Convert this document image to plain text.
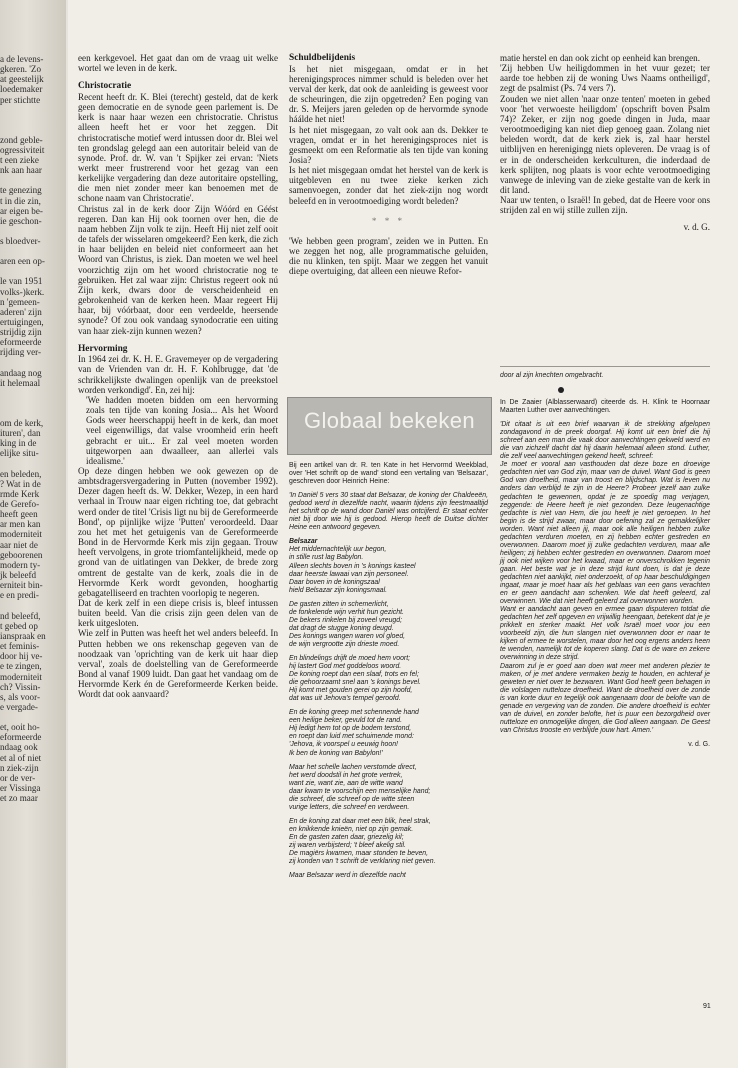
a de levens-

gkeren. 'Zo

at geestelijk

loedemaker

per stichtte

zond geble-

ogressiviteit

t een zieke

nk aan haar

te genezing

t in die zin,

ar eigen be-

ie geschon-

s bloedver-

aren een op-

le van 1951

volks-)kerk.

n 'gemeen-

aderen' zijn

ertuigingen,

strijdig zijn

eformeerde

rijding ver-

andaag nog

it helemaal

om de kerk,

ituren', dan

king in de

elijke situ-

en beleden,

? Wat in de

rmde Kerk

de Gerefo-

heeft geen

ar men kan

moderniteit

aar niet de

geboorenen

modern ty-

jk beleefd

erniteit bin-

e en predi-

nd beleefd,

t gebed op

ianspraak en

et feminis-

door hij ve-

e te zingen,

moderniteit

ch? Vissin-

s, als voor-

e vergade-

et, ooit ho-

eformeerde

ndaag ook

et al of niet

n ziek-zijn

or de ver-

er Vissinga

et zo maar

een kerkgevoel. Het gaat dan om de vraag uit welke wortel we leven in de kerk.

Christocratie

Recent heeft dr. K. Blei (terecht) gesteld, dat de kerk geen democratie en de synode geen parlement is. De kerk is naar haar wezen een christocratie. Christus alleen heeft het er voor het zeggen. Dit christocratische motief werd intussen door dr. Blei wel ten grondslag gelegd aan een autoritair beleid van de synode. Prof. dr. W. van 't Spijker zei ervan: 'Niets werkt meer frustrerend voor het gezag van een kerkelijke vergadering dan deze autoritaire opstelling, die men niet zonder meer kan benoemen met de schone naam van Christocratie'.

Christus zal in de kerk door Zijn Wóórd en Géést regeren. Dan kan Hij ook toornen over hen, die de naam hebben Zijn volk te zijn. Heeft Hij niet zelf ooit de tafels der wisselaren omgekeerd? Een kerk, die zich in haar belijden en beleid niet conformeert aan het Woord van Christus, is ziek. Dan moeten we wel heel voorzichtig zijn om het woord christocratie nog te gebruiken. Het zal waar zijn: Christus regeert ook nú Zijn kerk, dwars door de verscheidenheid en gebrokenheid van de kerken heen. Maar regeert Hij haar, bij vóórbaat, door een verdeelde, heersende synode? Of zou ook vandaag synodocratie een uiting van haar ziek-zijn kunnen wezen?

Hervorming

In 1964 zei dr. K. H. E. Gravemeyer op de vergadering van de Vrienden van dr. H. F. Kohlbrugge, dat 'de schrikkelijkste dwalingen openlijk van de preekstoel worden verkondigd'. En, zei hij:

'We hadden moeten bidden om een hervorming zoals ten tijde van koning Josia... Als het Woord Gods weer heerschappij heeft in de kerk, dan moet veel eigenwilligs, dat valse vroomheid erin heeft gebracht er uit... Er zal veel moeten worden uitgeworpen aan dwaalleer, aan allerlei vals idealisme.'

Op deze dingen hebben we ook gewezen op de ambtsdragersvergadering in Putten (november 1992). Dezer dagen heeft ds. W. Dekker, Wezep, in een hard verhaal in Trouw naar eigen richting toe, dat gebracht werd onder de titel 'Crisis ligt nu bij de Gereformeerde Bond', op pijnlijke wijze 'Putten' veroordeeld. Daar zou het met het getuigenis van de Gereformeerde Bond in de Hervormde Kerk mis zijn gegaan. Trouw heeft vervolgens, in grote triomfantelijkheid, mede op grond van de uitlatingen van Dekker, de brede zorg omtrent de gestalte van de kerk, zoals die in de Hervormde Kerk wordt gevonden, hooghartig gebagatelliseerd en trachten voorlopig te negeren.

Dat de kerk zelf in een diepe crisis is, bleef intussen buiten beeld. Van die crisis zijn geen delen van de kerk uitgesloten.

Wie zelf in Putten was heeft het wel anders beleefd. In Putten hebben we ons rekenschap gegeven van de noodzaak van 'oprichting van de kerk uit haar diep verval', zoals de doelstelling van de Gereformeerde Bond al vanaf 1909 luidt. Dan gaat het vandaag om de Hervormde Kerk én de Gereformeerde Kerken beide. Wordt dat ook aanvaard?

Schuldbelijdenis

Is het niet misgegaan, omdat er in het herenigingsproces nimmer schuld is beleden over het verval der kerk, dat ook de aanleiding is geweest voor de scheuringen, die zijn opgetreden? Een poging van dr. S. Meijers jaren geleden op de hervormde synode háálde het niet!

Is het niet misgegaan, zo valt ook aan ds. Dekker te vragen, omdat er in het herenigingsproces niet is gesmeekt om een Reformatie als ten tijde van koning Josia?

Is het niet misgegaan omdat het herstel van de kerk is uitgebleven en nu twee zieke kerken zich samenvoegen, zonder dat het ziek-zijn nog wordt beleefd en in verootmoediging wordt beleden?

* * *

'We hebben geen program', zeiden we in Putten. En we zeggen het nog, alle programmatische geluiden, die nu klinken, ten spijt. Maar we zeggen het vanuit diepe overtuiging, dat alleen een nieuwe Refor-

matie herstel en dan ook zicht op eenheid kan brengen.

'Zij hebben Uw heiligdommen in het vuur gezet; ter aarde toe hebben zij de woning Uws Naams ontheiligd', zegt de psalmist (Ps. 74 vers 7).

Zouden we niet allen 'naar onze tenten' moeten in gebed voor 'het verwoeste heiligdom' (opschrift boven Psalm 74)? Zeker, er zijn nog goede dingen in Juda, maar verootmoediging kan niet diep genoeg gaan. Zolang niet beleden wordt, dat de kerk ziek is, zal haar herstel uitblijven en herenigingg niets opleveren. De vraag is of er in de onderscheiden kerkculturen, die inderdaad de kerk splijten, nog plaats is voor echte verootmoediging vanwege de inleving van de zieke gestalte van de kerk in dit land.

Naar uw tenten, o Israël! In gebed, dat de Heere voor ons strijden zal en wij stille zullen zijn.

v. d. G.

Globaal bekeken

Bij een artikel van dr. R. ten Kate in het Hervormd Weekblad, over 'Het schrift op de wand' stond een vertaling van 'Belsazar', geschreven door Heinrich Heine:

'In Daniël 5 vers 30 staat dat Belsazar, de koning der Chaldeeën, gedood werd in diezelfde nacht, waarin tijdens zijn feestmaaltijd het schrift op de wand door Daniël was ontcijferd. Er staat echter niet bij door wie hij is gedood. Hierop heeft de Duitse dichter Heine een antwoord gegeven.

Belsazar

Het middernachtelijk uur begon,

in stille rust lag Babylon.

Alleen slechts boven in 's konings kasteel

daar heerste lawaai van zijn personeel.

Daar boven in de koningszaal

hield Belsazar zijn koningsmaal.

De gasten zitten in schemerlicht,

de fonkelende wijn verhit hun gezicht.

De bekers rinkelen bij zoveel vreugd;

dat dragt de stugge koning deugd.

Des konings wangen waren vol gloed,

de wijn vergrootte zijn drieste moed.

En blindelings drijft de moed hem voort;

hij lastert God met goddeloos woord.

De koning roept dan een slaaf, trots en fel;

die gehoorzaamt snel aan 's konings bevel.

Hij komt met gouden gerei op zijn hoofd,

dat was uit Jehova's tempel geroofd.

En de koning greep met schennende hand

een heilige beker, gevuld tot de rand.

Hij ledigt hem tot op de bodem terstond,

en roept dan luid met schuimende mond:

'Jehova, ik voorspel u eeuwig hoon!

Ik ben de koning van Babylon!'

Maar het schelle lachen verstomde direct,

het werd doodstil in het grote vertrek,

want zie, want zie, aan de witte wand

daar kwam te voorschijn een menselijke hand;

die schreef, die schreef op de witte steen

vurige letters, die schreef en verdween.

En de koning zat daar met een blik, heel strak,

en knikkende knieën, niet op zijn gemak.

En de gasten zaten daar, griezelig kil;

zij waren verbijsterd; 't bleef akelig stil.

De magiërs kwamen, maar stonden te beven,

zij konden van 't schrift de verklaring niet geven.

Maar Belsazar werd in diezelfde nacht

door al zijn knechten omgebracht.

In De Zaaier (Alblasserwaard) citeerde ds. H. Klink te Hoornaar Maarten Luther over aanvechtingen.

'Dit citaat is uit een brief waarvan ik de strekking afgelopen zondagavond in de preek doorgaf. Hij komt uit een brief die hij schreef aan een man die vaak door aanvechtingen gekweld werd en die van zichzelf dacht dat hij daarin helemaal alleen stond. Luther, die zelf veel aanvechtingen gekend heeft, schreef:

Je moet er vooral aan vasthouden dat deze boze en droevige gedachten niet van God zijn, maar van de duivel. Want God is geen God van droefheid, maar van troost en blijdschap. Wat is leven nu anders dan verblijd te zijn in de Heere? Probeer jezelf aan zulke gedachten te gewennen, opdat je ze spoedig mag verjagen, zeggende: de Heere heeft je niet gezonden. Deze leugenachtige gedachte is niet van Hem, die jou heeft je niet geroepen. In het begin is de strijd zwaar, maar door oefening zal ze gemakkelijker worden. Want niet alleen jij, maar ook alle heiligen hebben zulke gedachten verduren moeten, en zij hebben echter gestreden en overwonnen. Daarom moet jij zulke gedachten verduren, maar alle heiligen; zij hebben echter gestreden en overwonnen. Daarom moet jij ook niet wijken voor het kwaad, maar er onverschrokken tegenin gaan. Het beste wat je in deze strijd kunt doen, is dat je deze gedachten niet aankijkt, niet onderzoekt, of op haar beschuldigingen ingaat, maar je moet haar als het geblaas van een gans verachten en er geen aandacht aan schenken. Wie dat heeft geleerd, zal overwinnen. Wie dat niet heeft geleerd zal overwonnen worden.

Want er aandacht aan geven en ermee gaan disputeren totdat die gedachten het zelf opgeven en vrijwillig heengaan, betekent dat je je prikkelt en sterker maakt. Het volk Israël moet voor jou een voorbeeld zijn, die hun slangen niet overwonnen door er naar te kijken of ermee te worstelen, maar door het oog ergens anders heen te wenden, namelijk tot de koperen slang. Dat is de ware en zekere overwinning in deze strijd.

Daarom zul je er goed aan doen wat meer met anderen plezier te maken, of je met andere vermaken bezig te houden, en achteraf je geweten er niet over te bezwaren. Want God heeft geen behagen in die volslagen nutteloze droefheid. Want de droefheid over de zonde is van korte duur en tegelijk ook aangenaam door de belofte van de genade en vergeving van de zonden. Die andere droefheid is echter van de duivel, en zonder belofte, het is puur een bezorgdheid over nutteloze en onmogelijke dingen, die God alleen aangaan. De Geest van Christus trooste en verblijde jouw hart. Amen.'

v. d. G.

91
